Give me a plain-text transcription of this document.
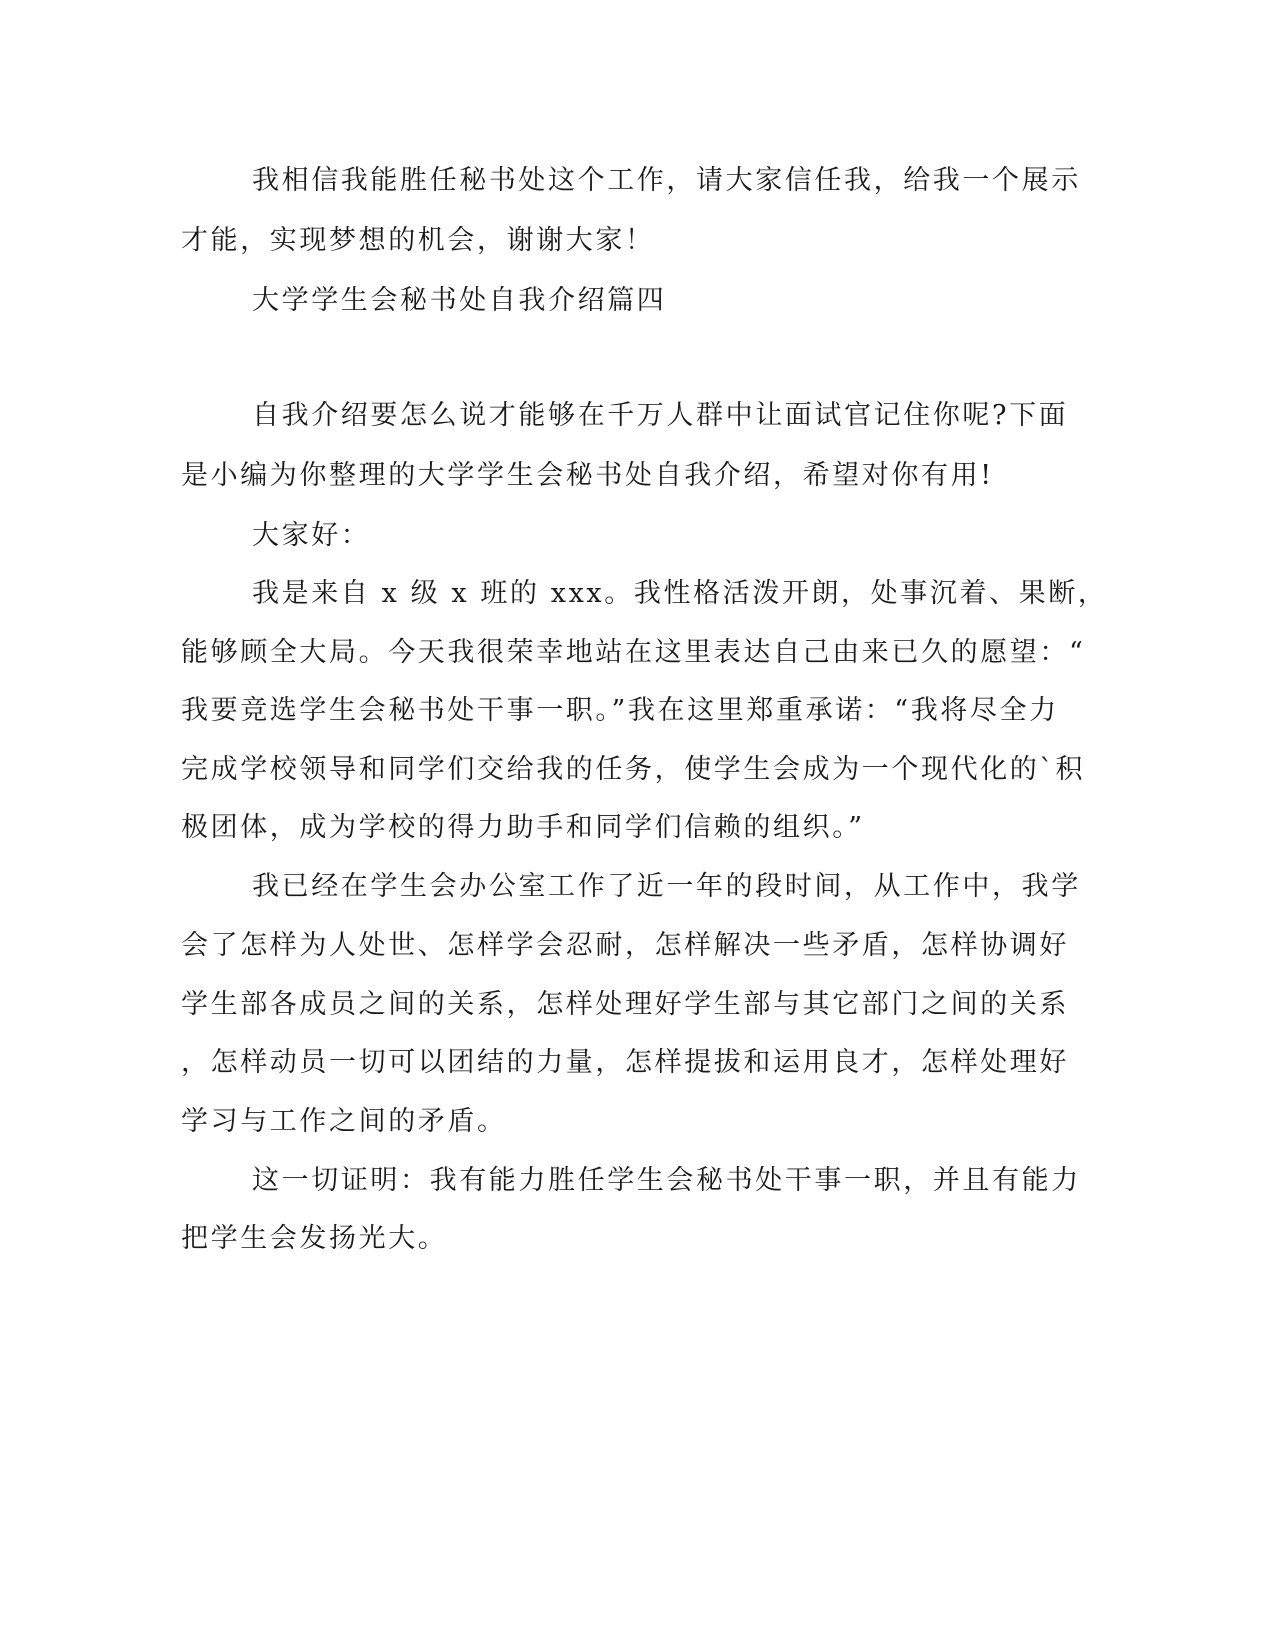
我相信我能胜任秘书处这个工作，请大家信任我，给我一个展示

才能，实现梦想的机会，谢谢大家！

大学学生会秘书处自我介绍篇四

自我介绍要怎么说才能够在千万人群中让面试官记住你呢?下面

是小编为你整理的大学学生会秘书处自我介绍，希望对你有用!

大家好：

我是来自 x 级 x 班的 xxx。我性格活泼开朗，处事沉着、果断，

能够顾全大局。今天我很荣幸地站在这里表达自己由来已久的愿望：“

我要竞选学生会秘书处干事一职。”我在这里郑重承诺：“我将尽全力

完成学校领导和同学们交给我的任务，使学生会成为一个现代化的`积

极团体，成为学校的得力助手和同学们信赖的组织。”

我已经在学生会办公室工作了近一年的段时间，从工作中，我学

会了怎样为人处世、怎样学会忍耐，怎样解决一些矛盾，怎样协调好

学生部各成员之间的关系，怎样处理好学生部与其它部门之间的关系

，怎样动员一切可以团结的力量，怎样提拔和运用良才，怎样处理好

学习与工作之间的矛盾。

这一切证明：我有能力胜任学生会秘书处干事一职，并且有能力

把学生会发扬光大。
